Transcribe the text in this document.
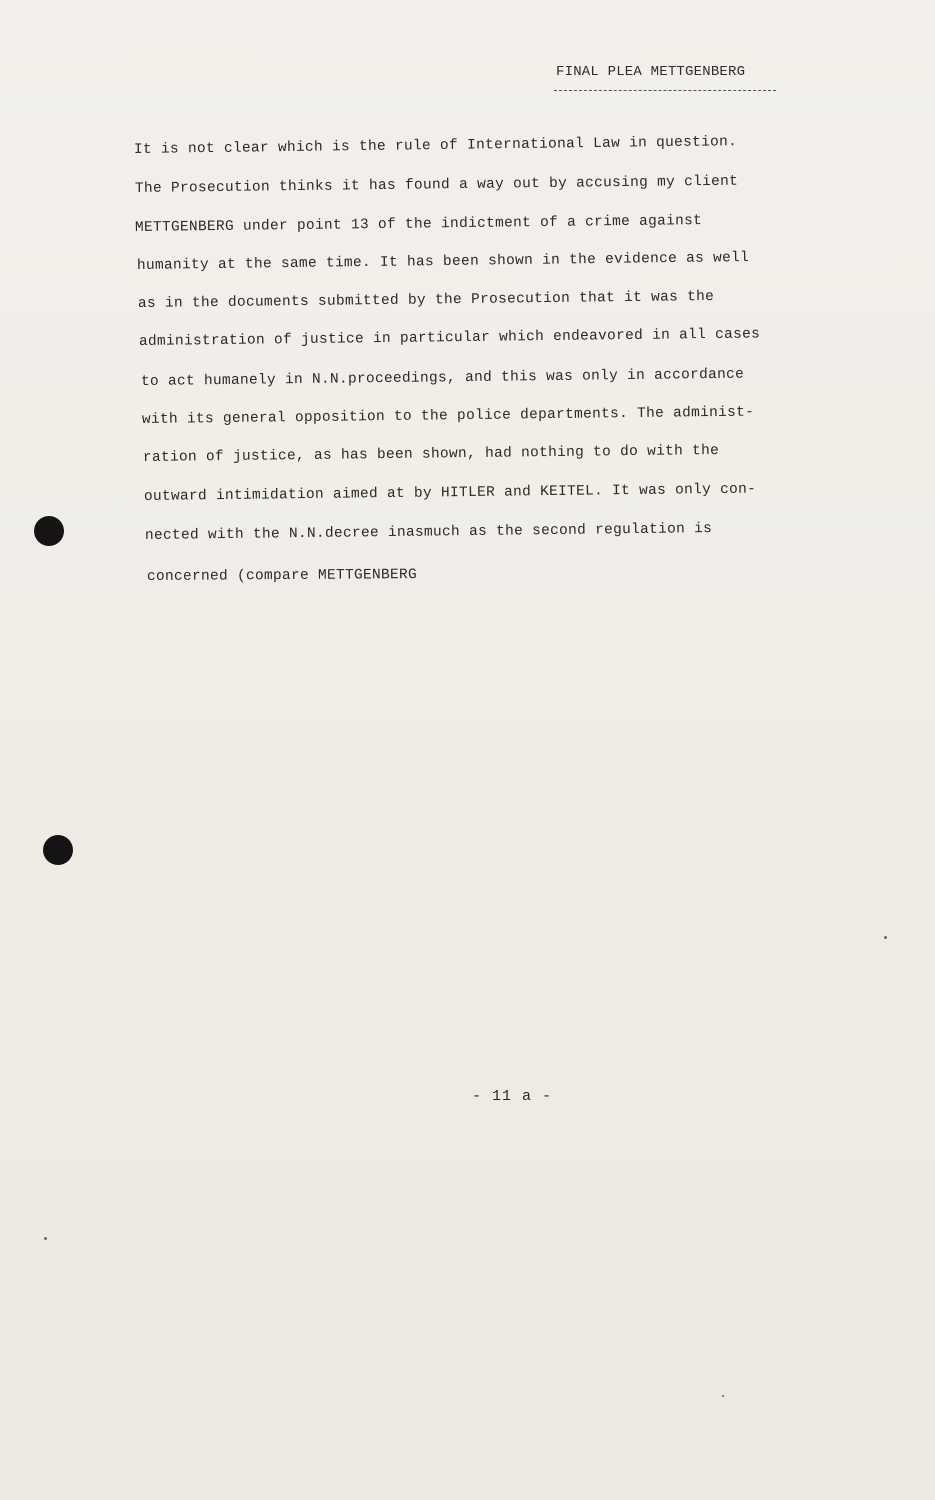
FINAL PLEA METTGENBERG
It is not clear which is the rule of International Law in question.
The Prosecution thinks it has found a way out by accusing my client
METTGENBERG under point 13 of the indictment of a crime against
humanity at the same time. It has been shown in the evidence as well
as in the documents submitted by the Prosecution that it was the
administration of justice in particular which endeavored in all cases
to act humanely in N.N.proceedings, and this was only in accordance
with its general opposition to the police departments. The administ-
ration of justice, as has been shown, had nothing to do with the
outward intimidation aimed at by HITLER and KEITEL. It was only con-
nected with the N.N.decree inasmuch as the second regulation is
concerned (compare METTGENBERG
- 11 a -
